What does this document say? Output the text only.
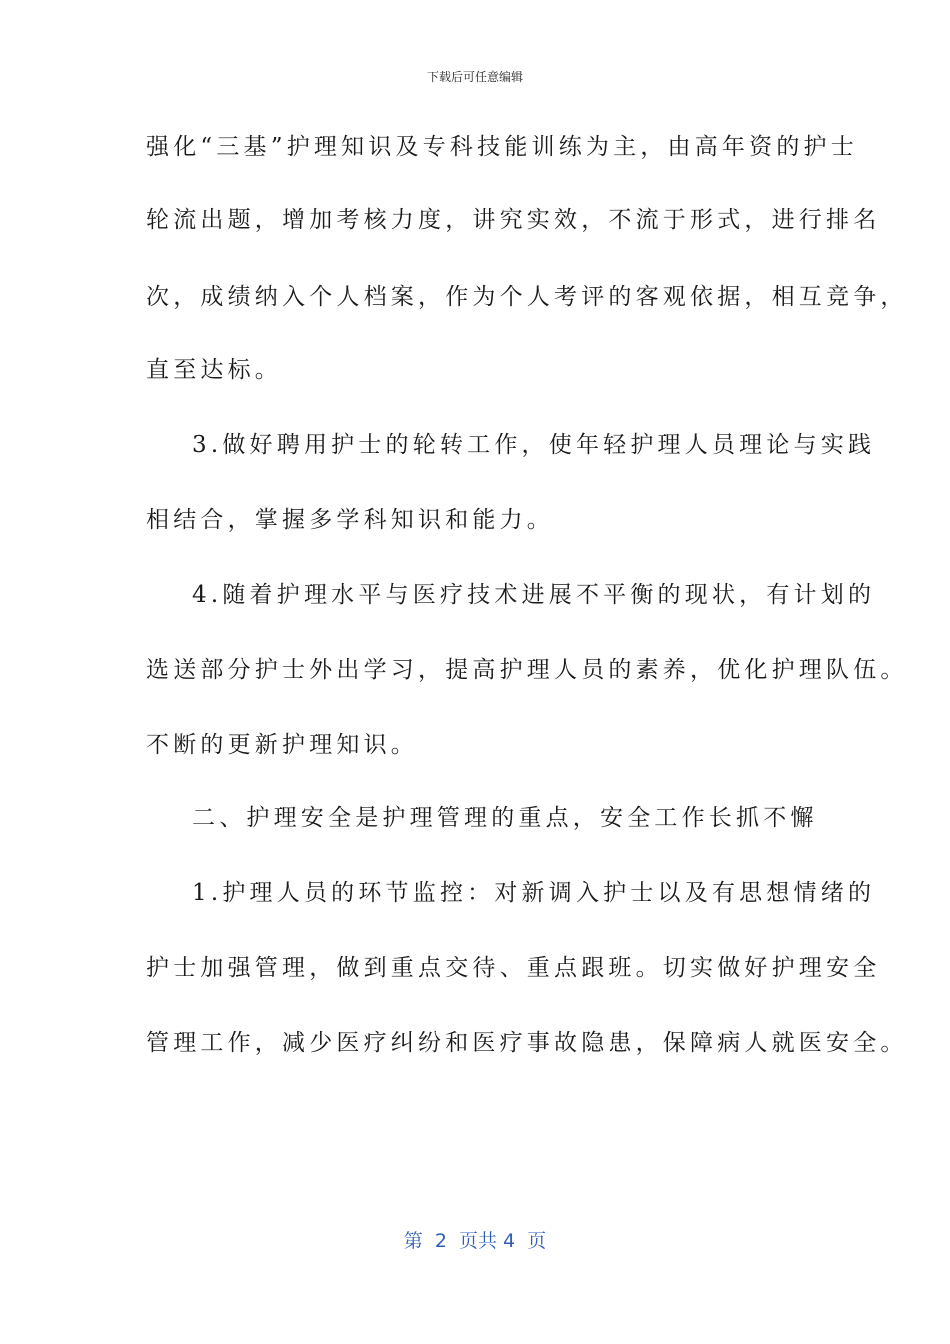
下载后可任意编辑
强化“三基”护理知识及专科技能训练为主，由高年资的护士
轮流出题，增加考核力度，讲究实效，不流于形式，进行排名
次，成绩纳入个人档案，作为个人考评的客观依据，相互竞争，
直至达标。
3.做好聘用护士的轮转工作，使年轻护理人员理论与实践
相结合，掌握多学科知识和能力。
4.随着护理水平与医疗技术进展不平衡的现状，有计划的
选送部分护士外出学习，提高护理人员的素养，优化护理队伍。
不断的更新护理知识。
二、护理安全是护理管理的重点，安全工作长抓不懈
1.护理人员的环节监控：对新调入护士以及有思想情绪的
护士加强管理，做到重点交待、重点跟班。切实做好护理安全
管理工作，减少医疗纠纷和医疗事故隐患，保障病人就医安全。
第  2  页共 4  页
